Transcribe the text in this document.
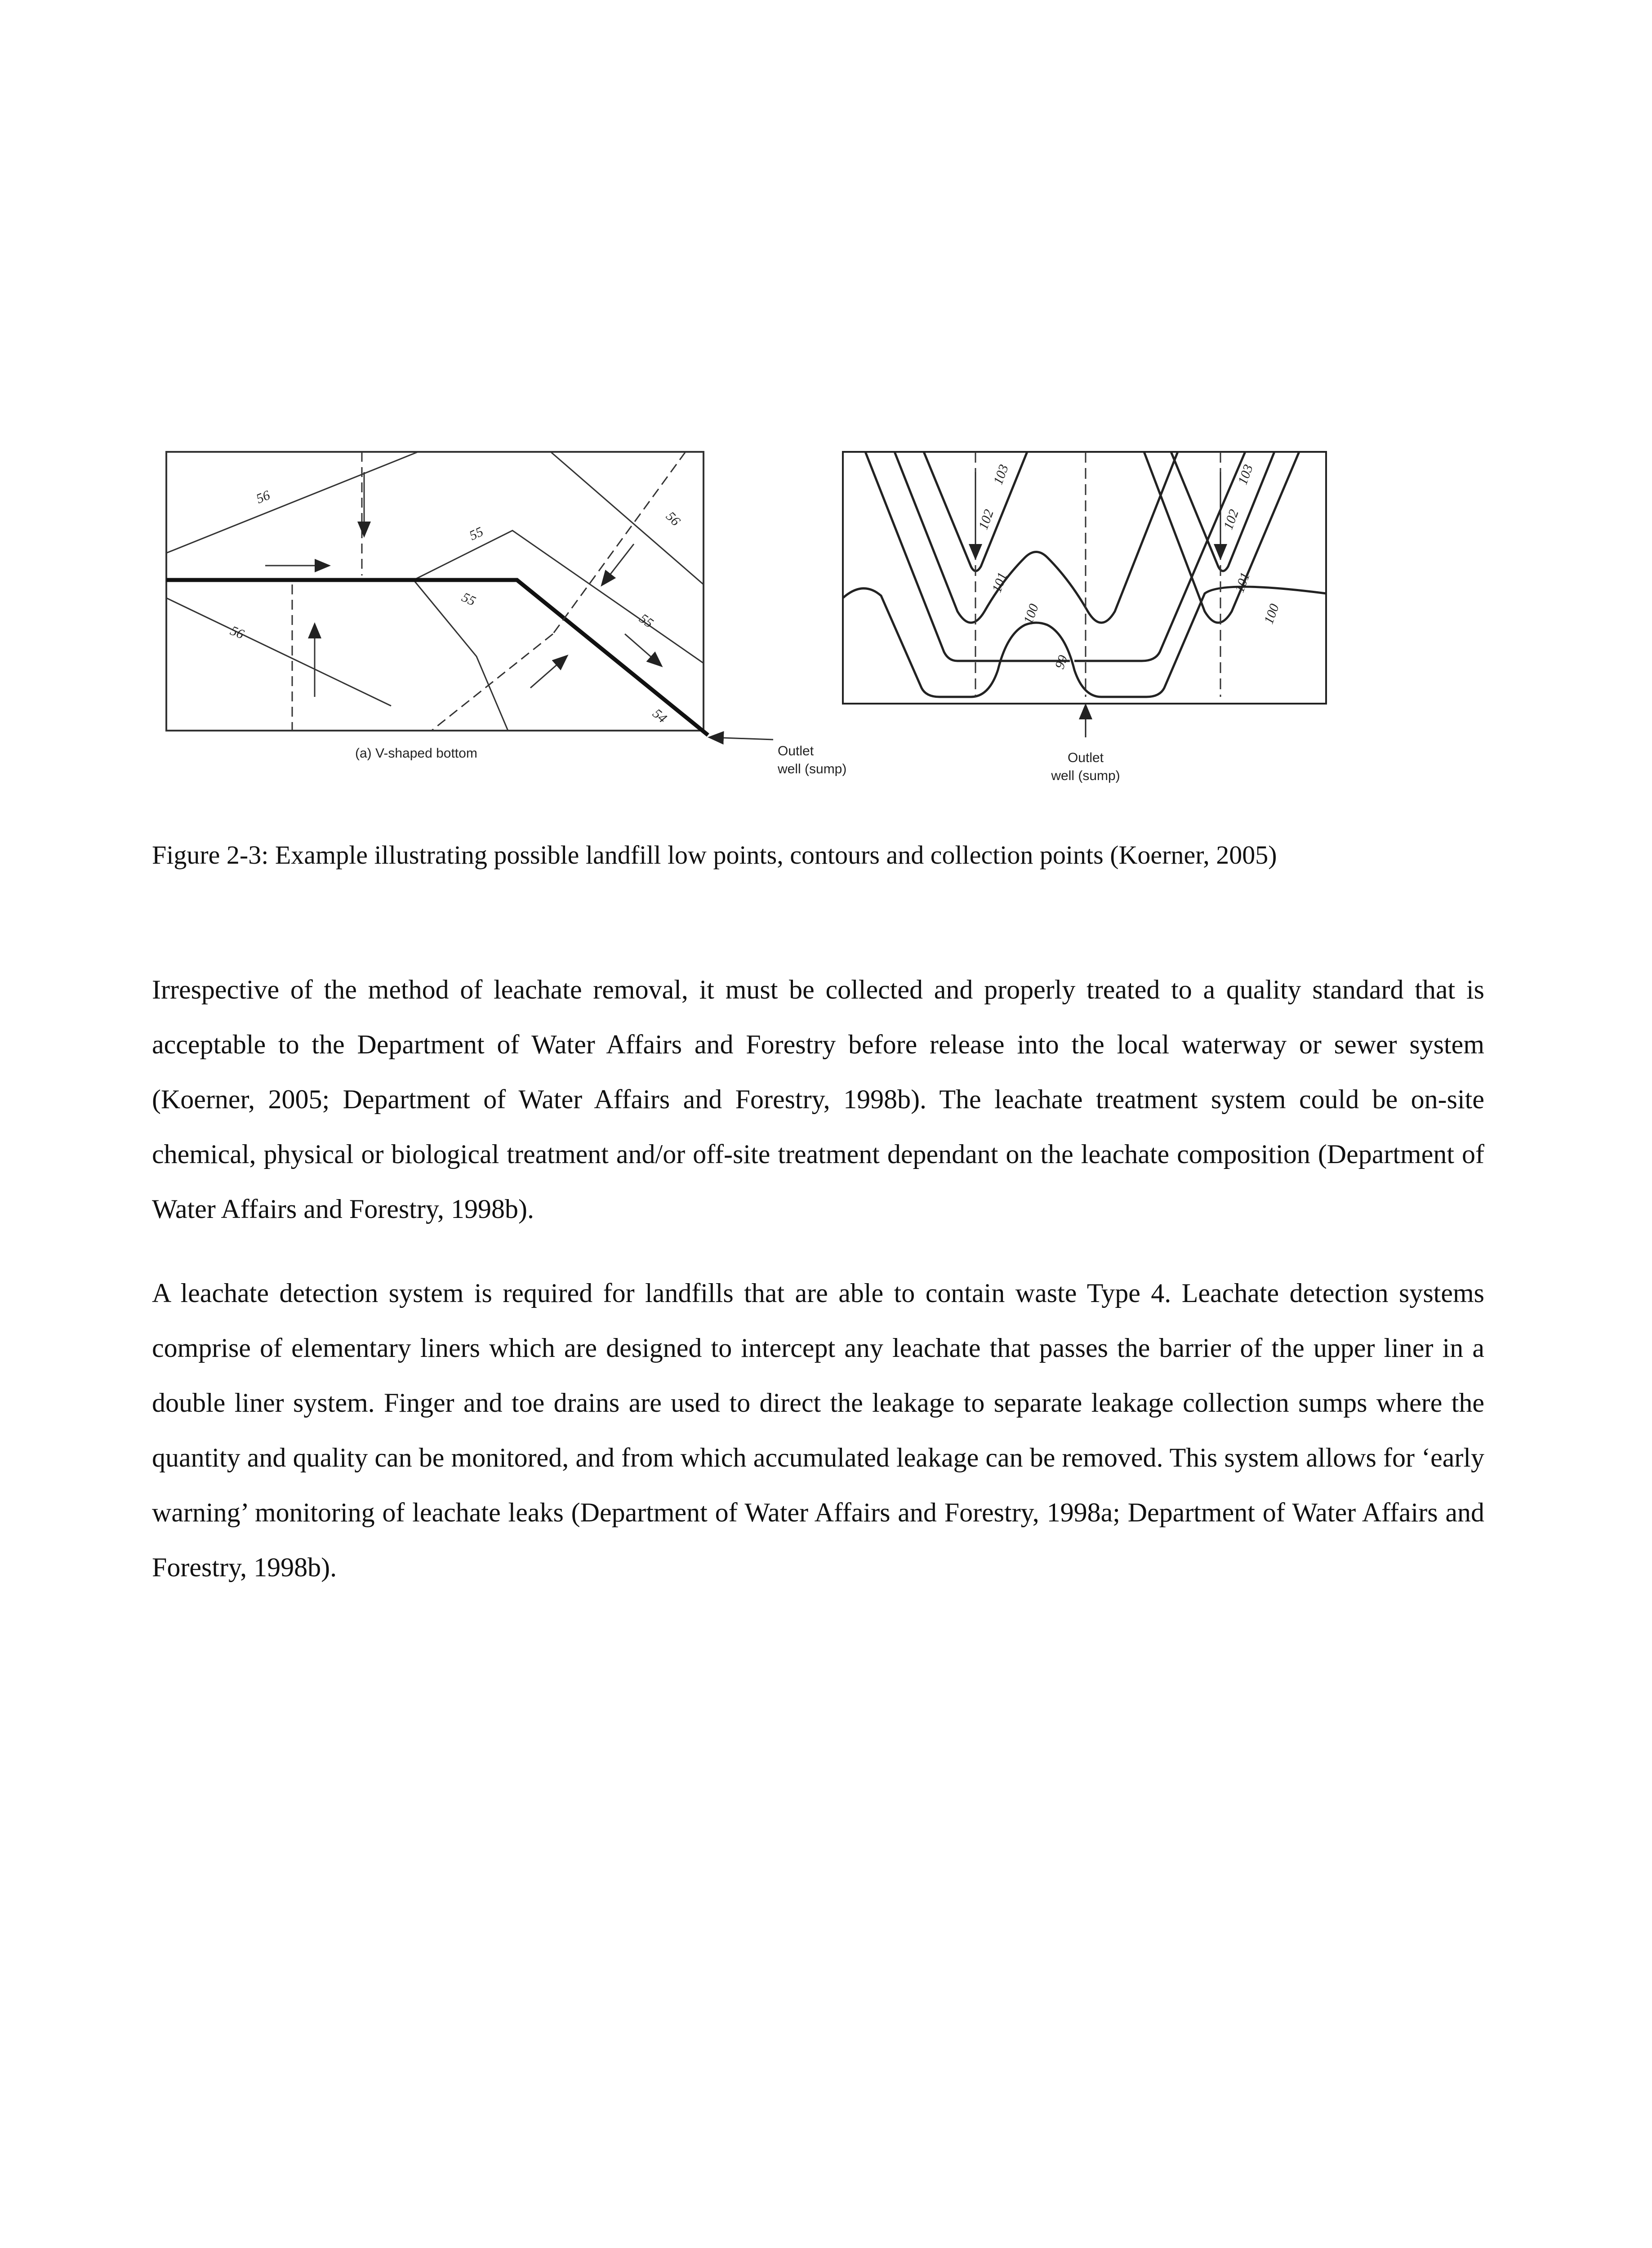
56
55
55
54
55
56
56
(a) V-shaped bottom	Outlet
well (sump)
103
102
101
100
99
103
102
101
100
Outlet
well (sump)
Figure 2-3: Example illustrating possible landfill low points, contours and collection points (Koerner, 2005)

Irrespective of the method of leachate removal, it must be collected and properly treated to a quality standard that is acceptable to the Department of Water Affairs and Forestry before release into the local waterway or sewer system (Koerner, 2005; Department of Water Affairs and Forestry, 1998b). The leachate treatment system could be on-site chemical, physical or biological treatment and/or off-site treatment dependant on the leachate composition (Department of Water Affairs and Forestry, 1998b).

A leachate detection system is required for landfills that are able to contain waste Type 4. Leachate detection systems comprise of elementary liners which are designed to intercept any leachate that passes the barrier of the upper liner in a double liner system. Finger and toe drains are used to direct the leakage to separate leakage collection sumps where the quantity and quality can be monitored, and from which accumulated leakage can be removed. This system allows for ‘early warning’ monitoring of leachate leaks (Department of Water Affairs and Forestry, 1998a; Department of Water Affairs and Forestry, 1998b).
